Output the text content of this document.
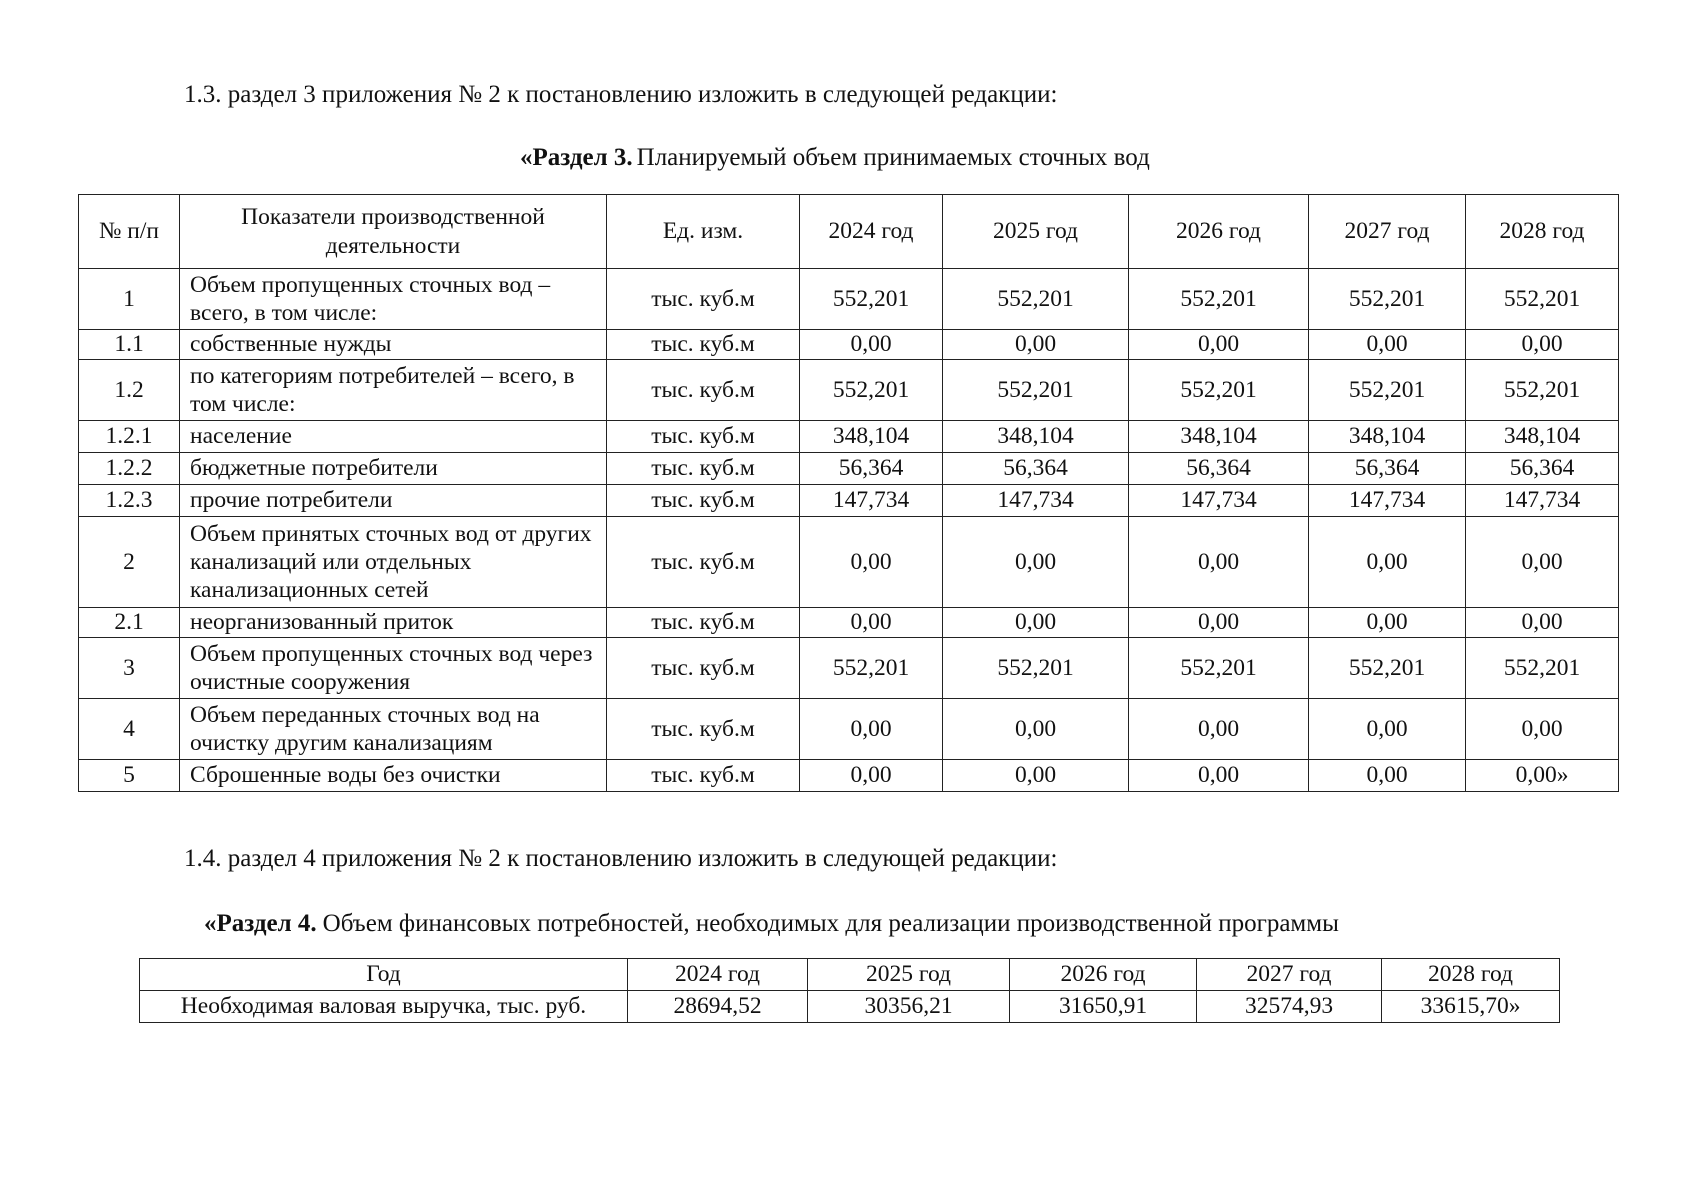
1.3. раздел 3 приложения № 2 к постановлению изложить в следующей редакции:
«Раздел 3. Планируемый объем принимаемых сточных вод
№ п/п	Показатели производственной деятельности	Ед. изм.	2024 год	2025 год	2026 год	2027 год	2028 год
1	Объем пропущенных сточных вод – всего, в том числе:	тыс. куб.м	552,201	552,201	552,201	552,201	552,201
1.1	собственные нужды	тыс. куб.м	0,00	0,00	0,00	0,00	0,00
1.2	по категориям потребителей – всего, в том числе:	тыс. куб.м	552,201	552,201	552,201	552,201	552,201
1.2.1	население	тыс. куб.м	348,104	348,104	348,104	348,104	348,104
1.2.2	бюджетные потребители	тыс. куб.м	56,364	56,364	56,364	56,364	56,364
1.2.3	прочие потребители	тыс. куб.м	147,734	147,734	147,734	147,734	147,734
2	Объем принятых сточных вод от других канализаций или отдельных канализационных сетей	тыс. куб.м	0,00	0,00	0,00	0,00	0,00
2.1	неорганизованный приток	тыс. куб.м	0,00	0,00	0,00	0,00	0,00
3	Объем пропущенных сточных вод через очистные сооружения	тыс. куб.м	552,201	552,201	552,201	552,201	552,201
4	Объем переданных сточных вод на очистку другим канализациям	тыс. куб.м	0,00	0,00	0,00	0,00	0,00
5	Сброшенные воды без очистки	тыс. куб.м	0,00	0,00	0,00	0,00	0,00»
1.4. раздел 4 приложения № 2 к постановлению изложить в следующей редакции:
«Раздел 4. Объем финансовых потребностей, необходимых для реализации производственной программы
Год	2024 год	2025 год	2026 год	2027 год	2028 год
Необходимая валовая выручка, тыс. руб.	28694,52	30356,21	31650,91	32574,93	33615,70»
